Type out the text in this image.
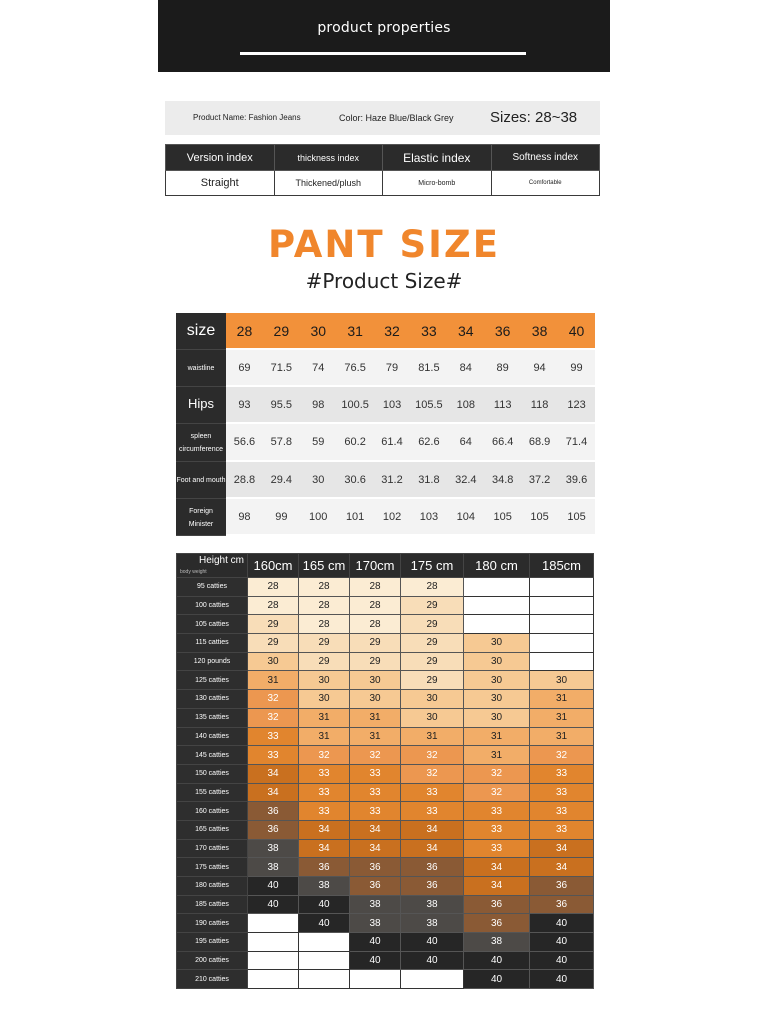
product properties
Product Name: Fashion Jeans	Color: Haze Blue/Black Grey Sizes: 28~38
Version index	thickness index	Elastic index	Softness index
Straight	Thickened/plush	Micro-bomb	Comfortable
PANT SIZE
#Product Size#
size	28	29	30	31	32	33	34	36	38	40
waistline	69	71.5	74	76.5	79	81.5	84	89	94	99
Hips	93	95.5	98	100.5	103	105.5	108	113	118	123
spleen circumference	56.6	57.8	59	60.2	61.4	62.6	64	66.4	68.9	71.4
Foot and mouth	28.8	29.4	30	30.6	31.2	31.8	32.4	34.8	37.2	39.6
Foreign Minister	98	99	100	101	102	103	104	105	105	105
Height cm
body weight	160cm	165 cm	170cm	175 cm	180 cm	185cm
95 catties	28	28	28	28		
100 catties	28	28	28	29		
105 catties	29	28	28	29		
115 catties	29	29	29	29	30	
120 pounds	30	29	29	29	30	
125 catties	31	30	30	29	30	30
130 catties	32	30	30	30	30	31
135 catties	32	31	31	30	30	31
140 catties	33	31	31	31	31	31
145 catties	33	32	32	32	31	32
150 catties	34	33	33	32	32	33
155 catties	34	33	33	33	32	33
160 catties	36	33	33	33	33	33
165 catties	36	34	34	34	33	33
170 catties	38	34	34	34	33	34
175 catties	38	36	36	36	34	34
180 catties	40	38	36	36	34	36
185 catties	40	40	38	38	36	36
190 catties		40	38	38	36	40
195 catties			40	40	38	40
200 catties			40	40	40	40
210 catties					40	40
